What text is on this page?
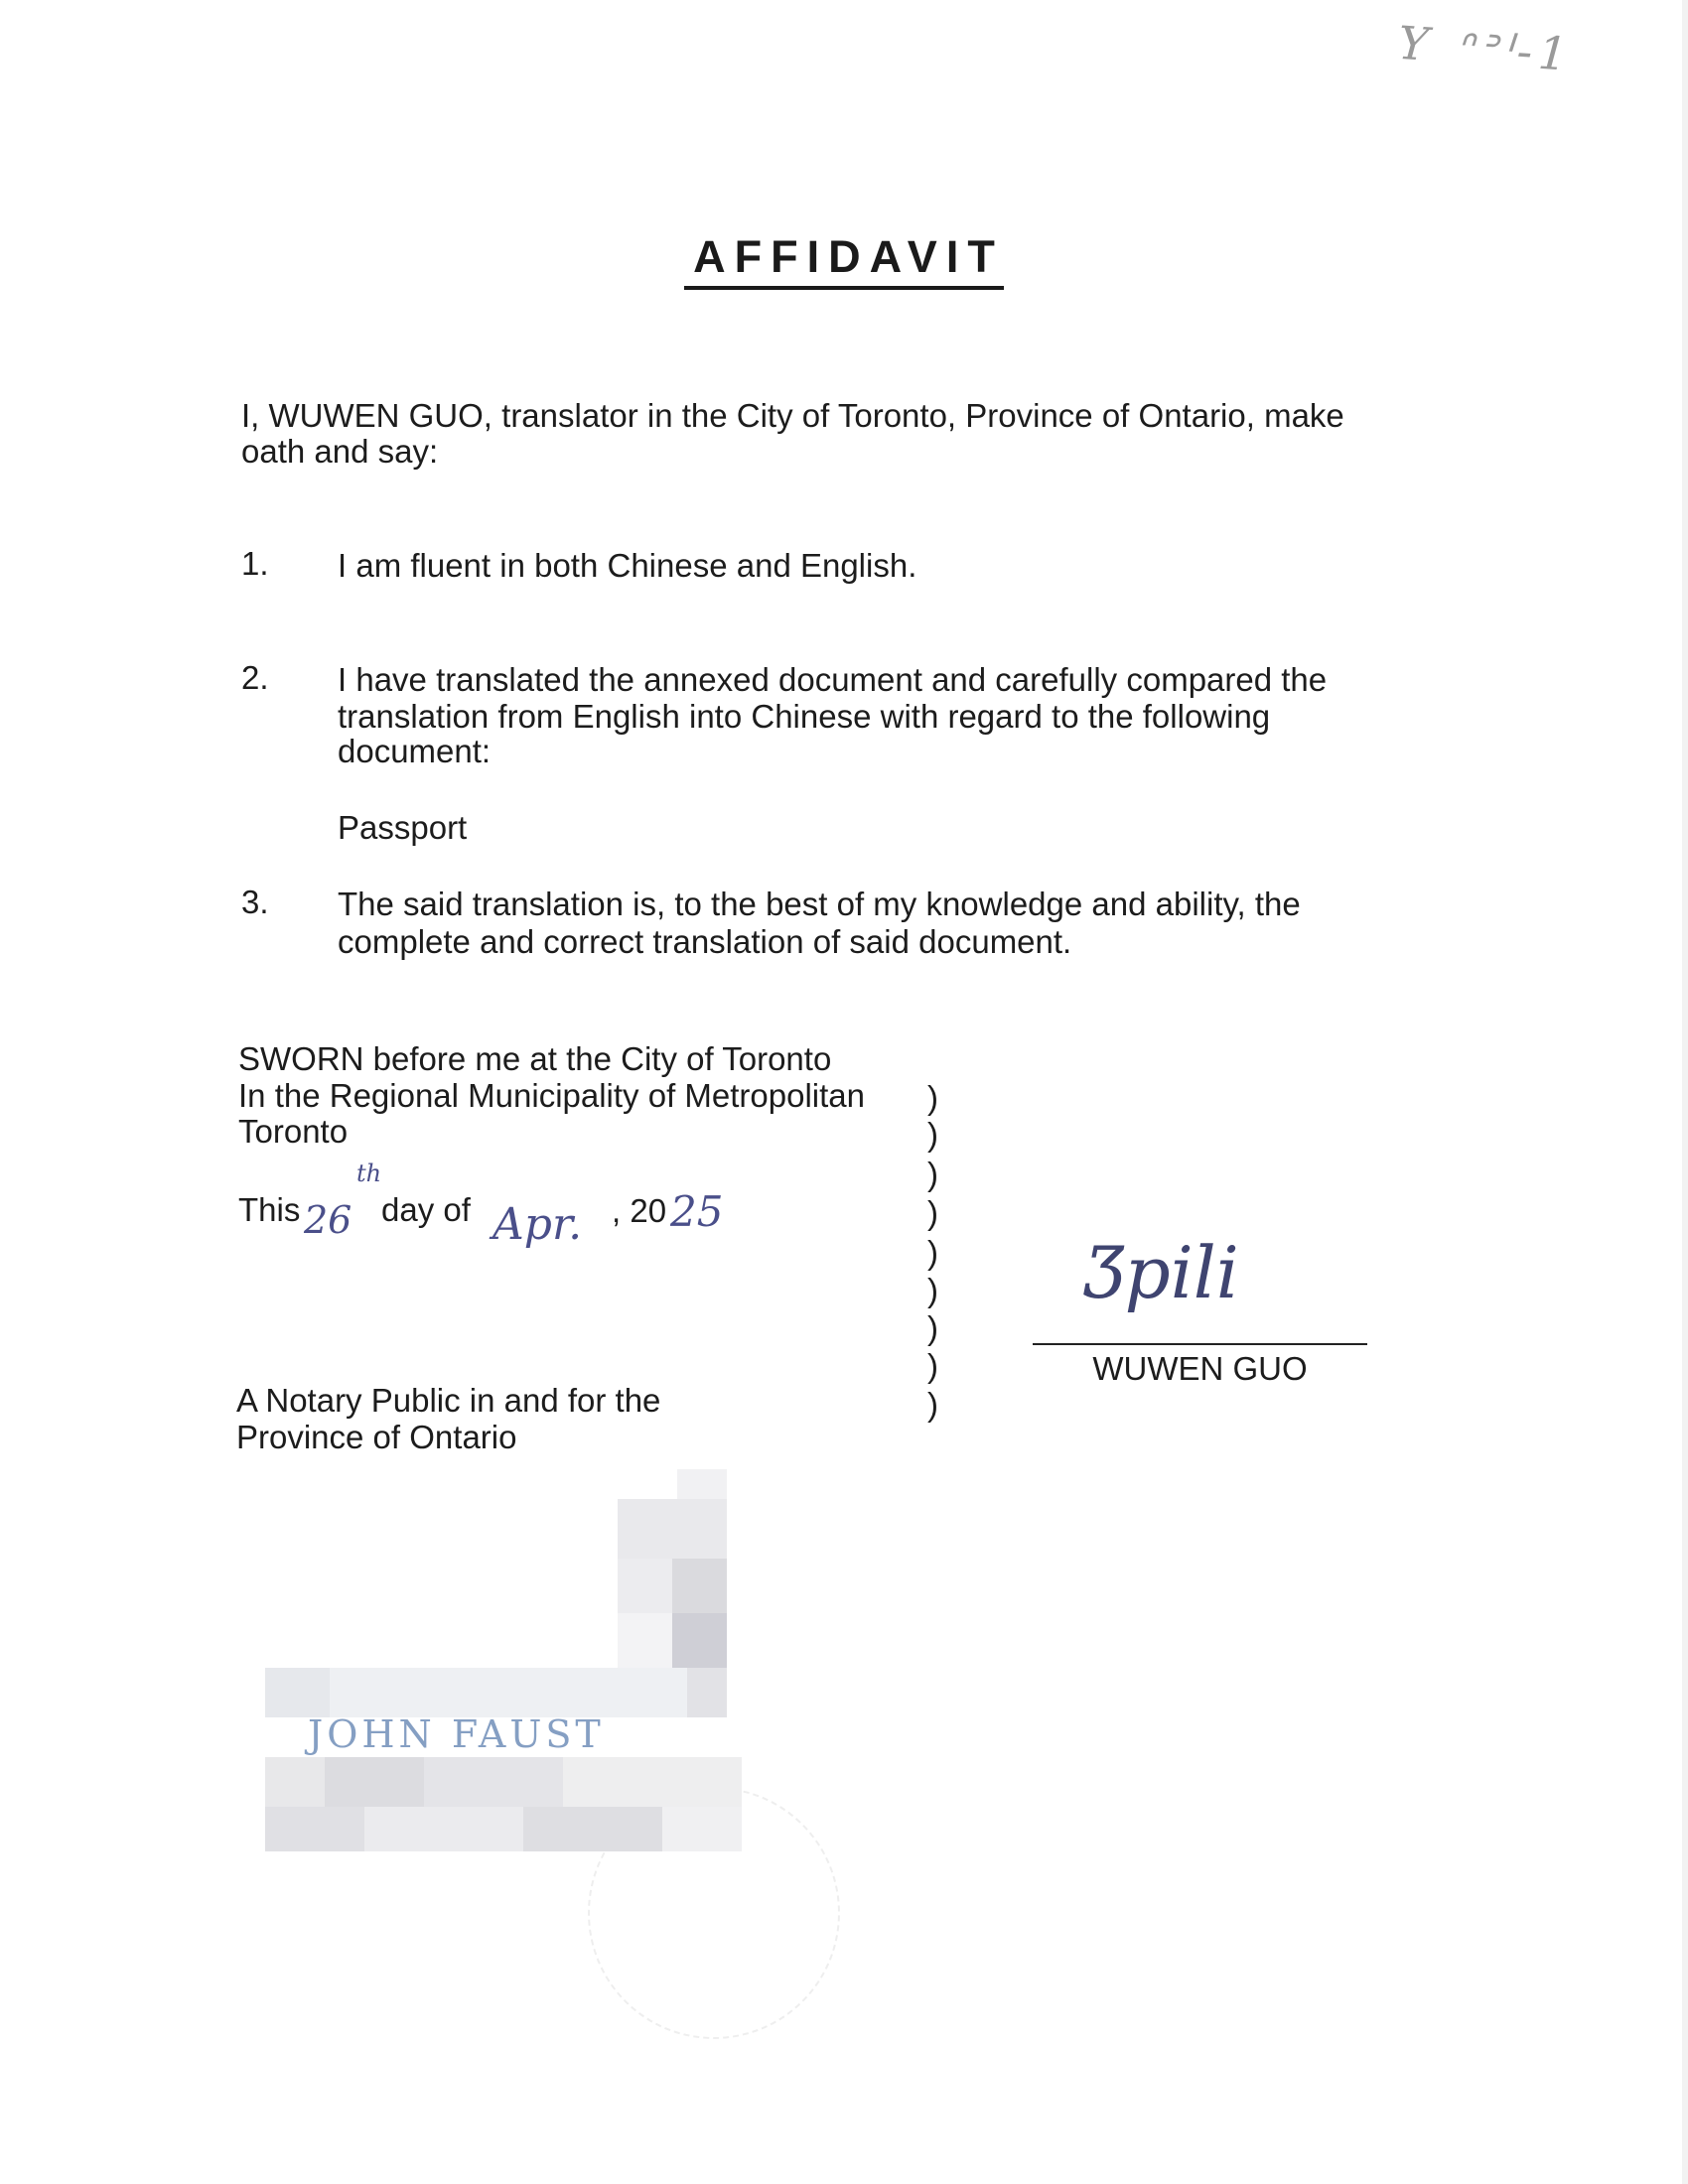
Y ᐢᐣᑊ-1
AFFIDAVIT
I, WUWEN GUO, translator in the City of Toronto, Province of Ontario, make
oath and say:
1. I am fluent in both Chinese and English.
2. I have translated the annexed document and carefully compared the
translation from English into Chinese with regard to the following
document:
Passport
3. The said translation is, to the best of my knowledge and ability, the
complete and correct translation of said document.
SWORN before me at the City of Toronto
In the Regional Municipality of Metropolitan
Toronto
This 26
th
day of Apr. , 20 25
A Notary Public in and for the
Province of Ontario
)
)
)
)
)
)
)
)
)
Ʒpili
WUWEN GUO
JOHN FAUST
